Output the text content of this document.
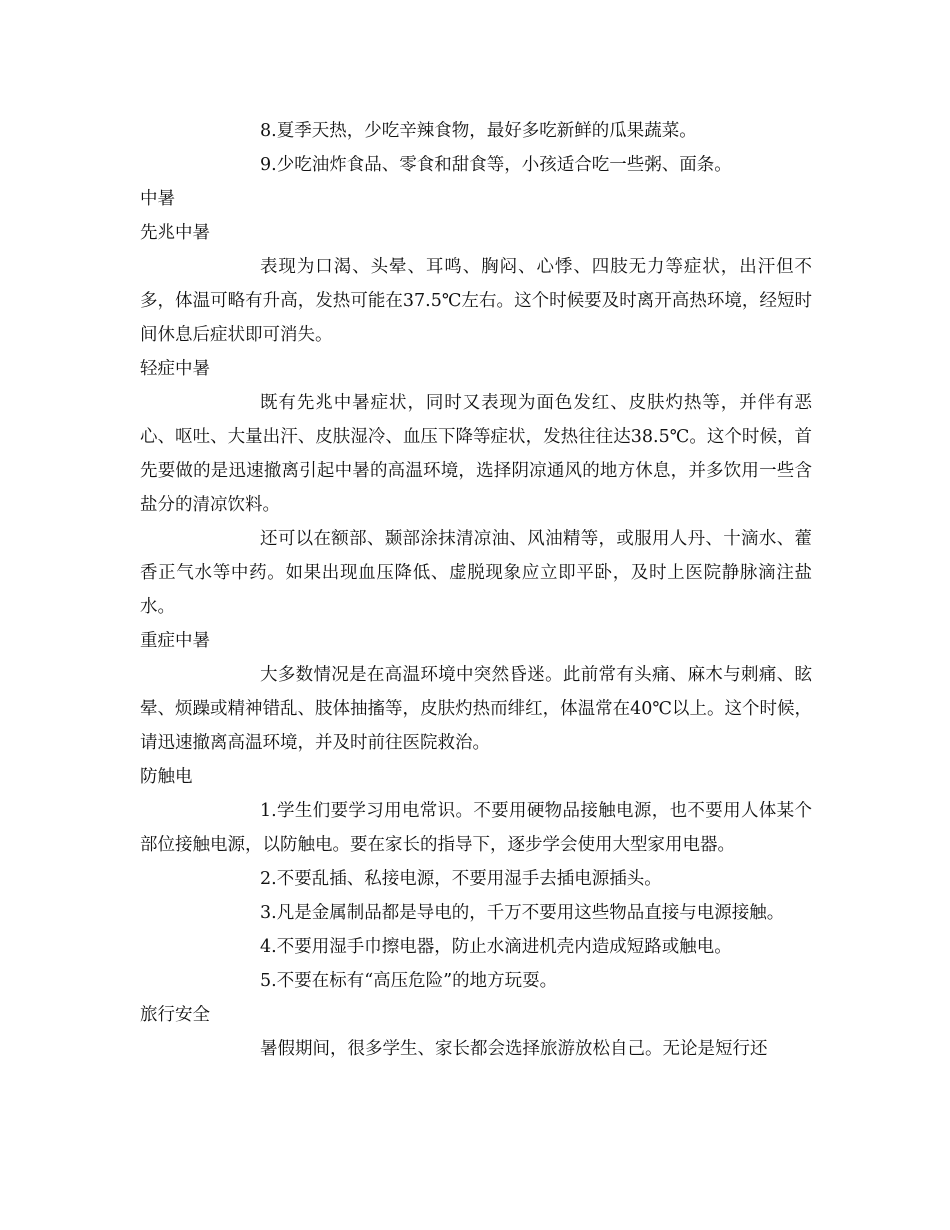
8.夏季天热，少吃辛辣食物，最好多吃新鲜的瓜果蔬菜。

9.少吃油炸食品、零食和甜食等，小孩适合吃一些粥、面条。

中暑

先兆中暑

表现为口渴、头晕、耳鸣、胸闷、心悸、四肢无力等症状，出汗但不多，体温可略有升高，发热可能在37.5℃左右。这个时候要及时离开高热环境，经短时间休息后症状即可消失。

轻症中暑

既有先兆中暑症状，同时又表现为面色发红、皮肤灼热等，并伴有恶心、呕吐、大量出汗、皮肤湿冷、血压下降等症状，发热往往达38.5℃。这个时候，首先要做的是迅速撤离引起中暑的高温环境，选择阴凉通风的地方休息，并多饮用一些含盐分的清凉饮料。

还可以在额部、颞部涂抹清凉油、风油精等，或服用人丹、十滴水、藿香正气水等中药。如果出现血压降低、虚脱现象应立即平卧，及时上医院静脉滴注盐水。

重症中暑

大多数情况是在高温环境中突然昏迷。此前常有头痛、麻木与刺痛、眩晕、烦躁或精神错乱、肢体抽搐等，皮肤灼热而绯红，体温常在40℃以上。这个时候，请迅速撤离高温环境，并及时前往医院救治。

防触电

1.学生们要学习用电常识。不要用硬物品接触电源，也不要用人体某个部位接触电源，以防触电。要在家长的指导下，逐步学会使用大型家用电器。

2.不要乱插、私接电源，不要用湿手去插电源插头。

3.凡是金属制品都是导电的，千万不要用这些物品直接与电源接触。

4.不要用湿手巾擦电器，防止水滴进机壳内造成短路或触电。

5.不要在标有“高压危险”的地方玩耍。

旅行安全

暑假期间，很多学生、家长都会选择旅游放松自己。无论是短行还
